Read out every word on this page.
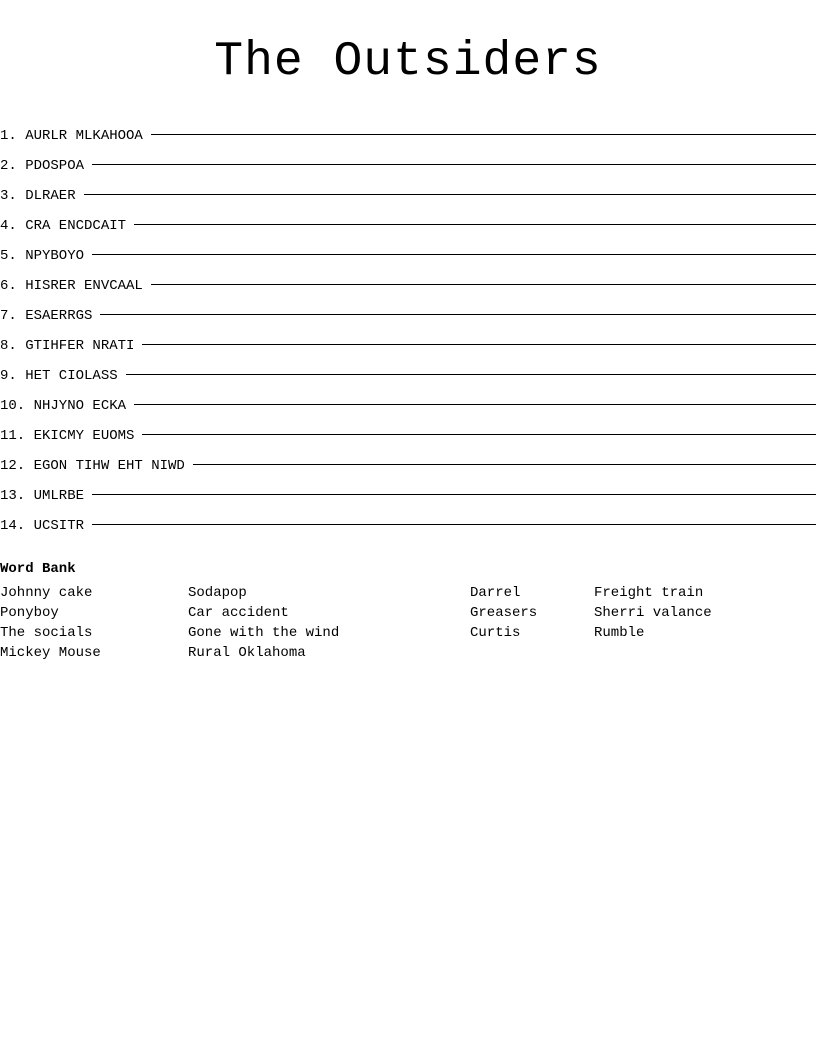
The Outsiders
1. AURLR MLKAHOOA
2. PDOSPOA
3. DLRAER
4. CRA ENCDCAIT
5. NPYBOYO
6. HISRER ENVCAAL
7. ESAERRGS
8. GTIHFER NRATI
9. HET CIOLASS
10. NHJYNO ECKA
11. EKICMY EUOMS
12. EGON TIHW EHT NIWD
13. UMLRBE
14. UCSITR
Word Bank
Johnny cake	Sodapop	Darrel	Freight train
Ponyboy	Car accident	Greasers	Sherri valance
The socials	Gone with the wind	Curtis	Rumble
Mickey Mouse	Rural Oklahoma
